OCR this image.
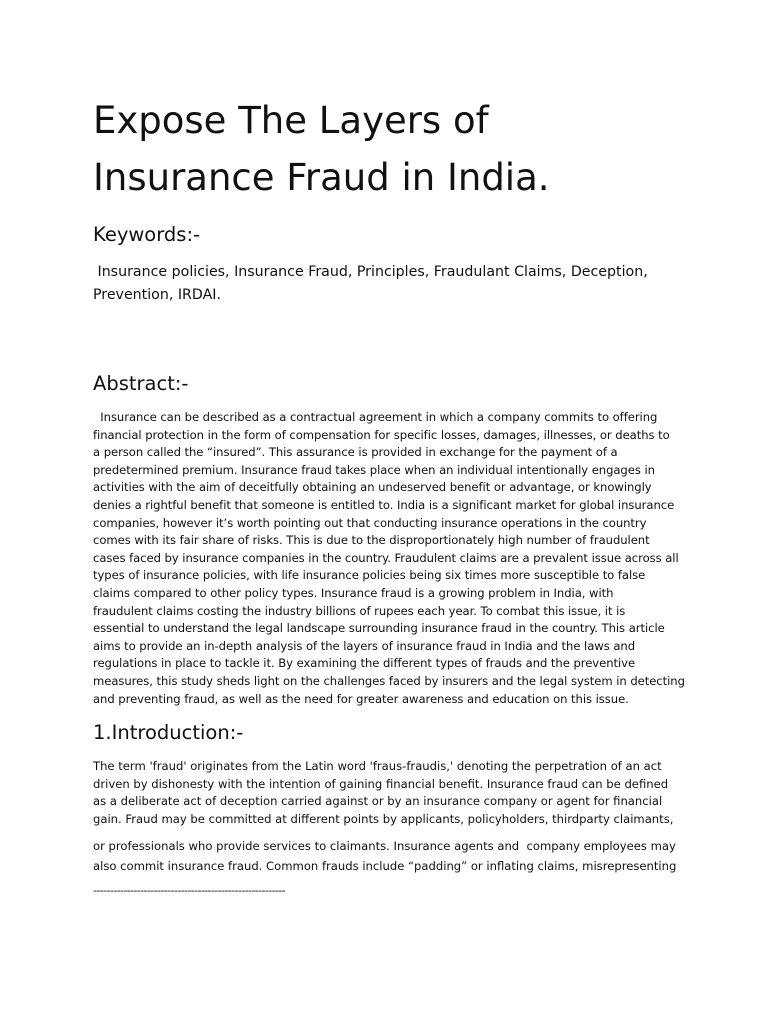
Expose The Layers of
Insurance Fraud in India.
Keywords:-

Insurance policies, Insurance Fraud, Principles, Fraudulant Claims, Deception,
Prevention, IRDAI.

Abstract:-

Insurance can be described as a contractual agreement in which a company commits to offering
financial protection in the form of compensation for specific losses, damages, illnesses, or deaths to
a person called the “insured”. This assurance is provided in exchange for the payment of a
predetermined premium. Insurance fraud takes place when an individual intentionally engages in
activities with the aim of deceitfully obtaining an undeserved benefit or advantage, or knowingly
denies a rightful benefit that someone is entitled to. India is a significant market for global insurance
companies, however it’s worth pointing out that conducting insurance operations in the country
comes with its fair share of risks. This is due to the disproportionately high number of fraudulent
cases faced by insurance companies in the country. Fraudulent claims are a prevalent issue across all
types of insurance policies, with life insurance policies being six times more susceptible to false
claims compared to other policy types. Insurance fraud is a growing problem in India, with
fraudulent claims costing the industry billions of rupees each year. To combat this issue, it is
essential to understand the legal landscape surrounding insurance fraud in the country. This article
aims to provide an in-depth analysis of the layers of insurance fraud in India and the laws and
regulations in place to tackle it. By examining the different types of frauds and the preventive
measures, this study sheds light on the challenges faced by insurers and the legal system in detecting
and preventing fraud, as well as the need for greater awareness and education on this issue.

1.Introduction:-

The term 'fraud' originates from the Latin word 'fraus-fraudis,' denoting the perpetration of an act
driven by dishonesty with the intention of gaining financial benefit. Insurance fraud can be defined
as a deliberate act of deception carried against or by an insurance company or agent for financial
gain. Fraud may be committed at different points by applicants, policyholders, thirdparty claimants,

or professionals who provide services to claimants. Insurance agents and  company employees may
also commit insurance fraud. Common frauds include “padding” or inflating claims, misrepresenting

---------------------------------------------------------
